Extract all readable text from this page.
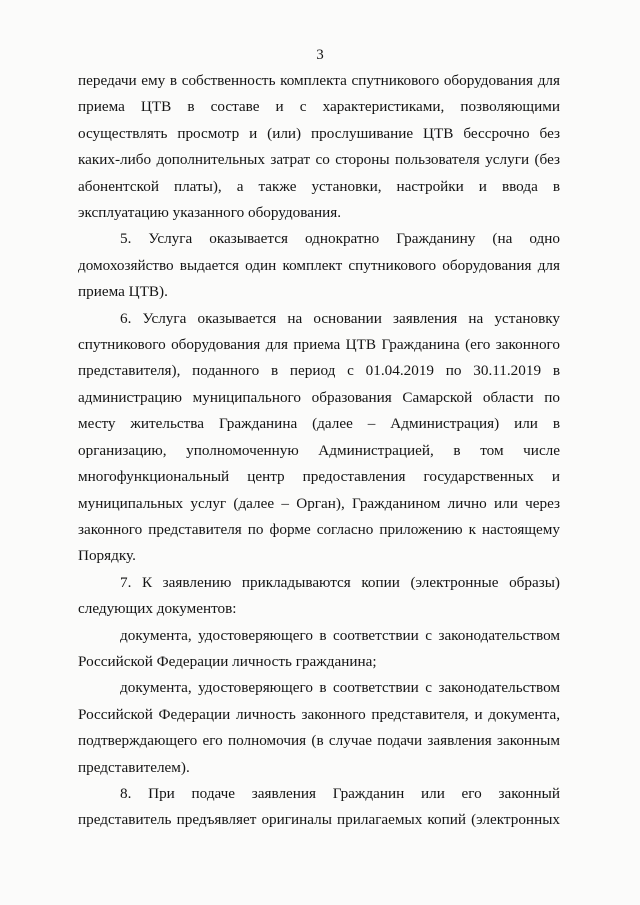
3
передачи ему в собственность комплекта спутникового оборудования для
приема ЦТВ в составе и с характеристиками, позволяющими
осуществлять просмотр и (или) прослушивание ЦТВ бессрочно без
каких-либо дополнительных затрат со стороны пользователя услуги (без
абонентской платы), а также установки, настройки и ввода в
эксплуатацию указанного оборудования.
5. Услуга оказывается однократно Гражданину (на одно
домохозяйство выдается один комплект спутникового оборудования для
приема ЦТВ).
6. Услуга оказывается на основании заявления на установку
спутникового оборудования для приема ЦТВ Гражданина (его законного
представителя), поданного в период с 01.04.2019 по 30.11.2019 в
администрацию муниципального образования Самарской области по
месту жительства Гражданина (далее – Администрация) или в
организацию, уполномоченную Администрацией, в том числе
многофункциональный центр предоставления государственных и
муниципальных услуг (далее – Орган), Гражданином лично или через
законного представителя по форме согласно приложению к настоящему
Порядку.
7. К заявлению прикладываются копии (электронные образы)
следующих документов:
документа, удостоверяющего в соответствии с законодательством
Российской Федерации личность гражданина;
документа, удостоверяющего в соответствии с законодательством
Российской Федерации личность законного представителя, и документа,
подтверждающего его полномочия (в случае подачи заявления законным
представителем).
8. При подаче заявления Гражданин или его законный
представитель предъявляет оригиналы прилагаемых копий (электронных
